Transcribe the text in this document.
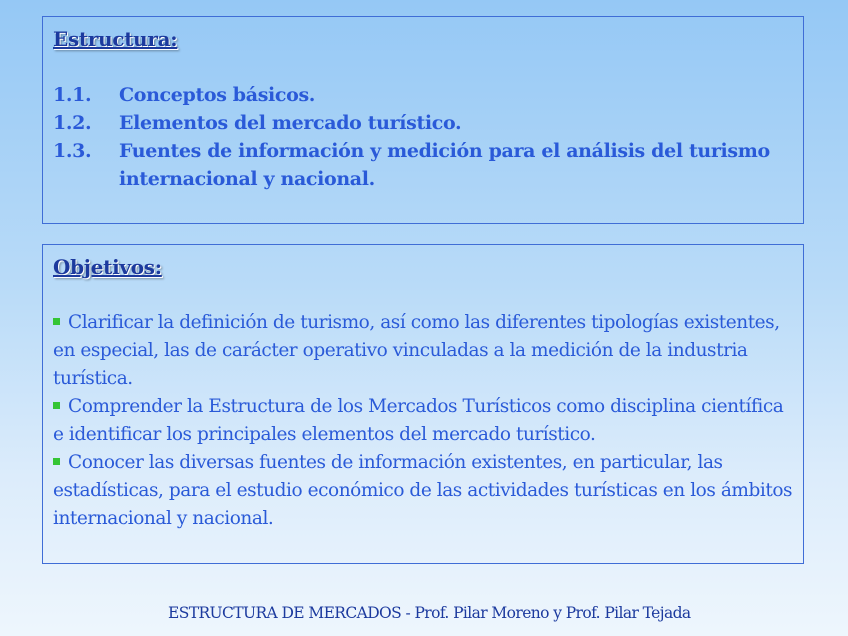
Estructura:
1.1.	Conceptos básicos.
1.2.	Elementos del mercado turístico.
1.3.	Fuentes de información y medición para el análisis del turismo internacional y nacional.
Objetivos:
Clarificar la definición de turismo, así como las diferentes tipologías existentes, en especial, las de carácter operativo vinculadas a la medición de la industria turística.
Comprender la Estructura de los Mercados Turísticos como disciplina científica e identificar los principales elementos del mercado turístico.
Conocer las diversas fuentes de información existentes, en particular, las estadísticas, para el estudio económico de las actividades turísticas en los ámbitos internacional y nacional.
ESTRUCTURA DE MERCADOS - Prof. Pilar Moreno y Prof. Pilar Tejada
